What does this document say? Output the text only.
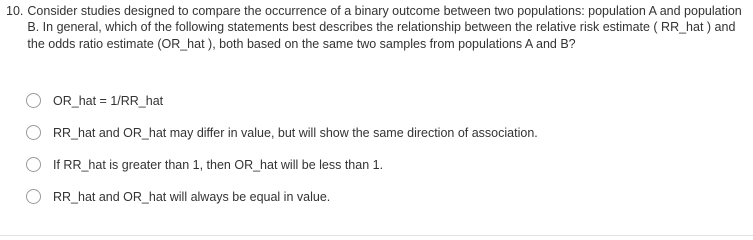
10. Consider studies designed to compare the occurrence of a binary outcome between two populations: population A and population B. In general, which of the following statements best describes the relationship between the relative risk estimate ( RR_hat ) and the odds ratio estimate (OR_hat ), both based on the same two samples from populations A and B?
OR_hat = 1/RR_hat
RR_hat and OR_hat may differ in value, but will show the same direction of association.
If RR_hat is greater than 1, then OR_hat will be less than 1.
RR_hat and OR_hat will always be equal in value.
